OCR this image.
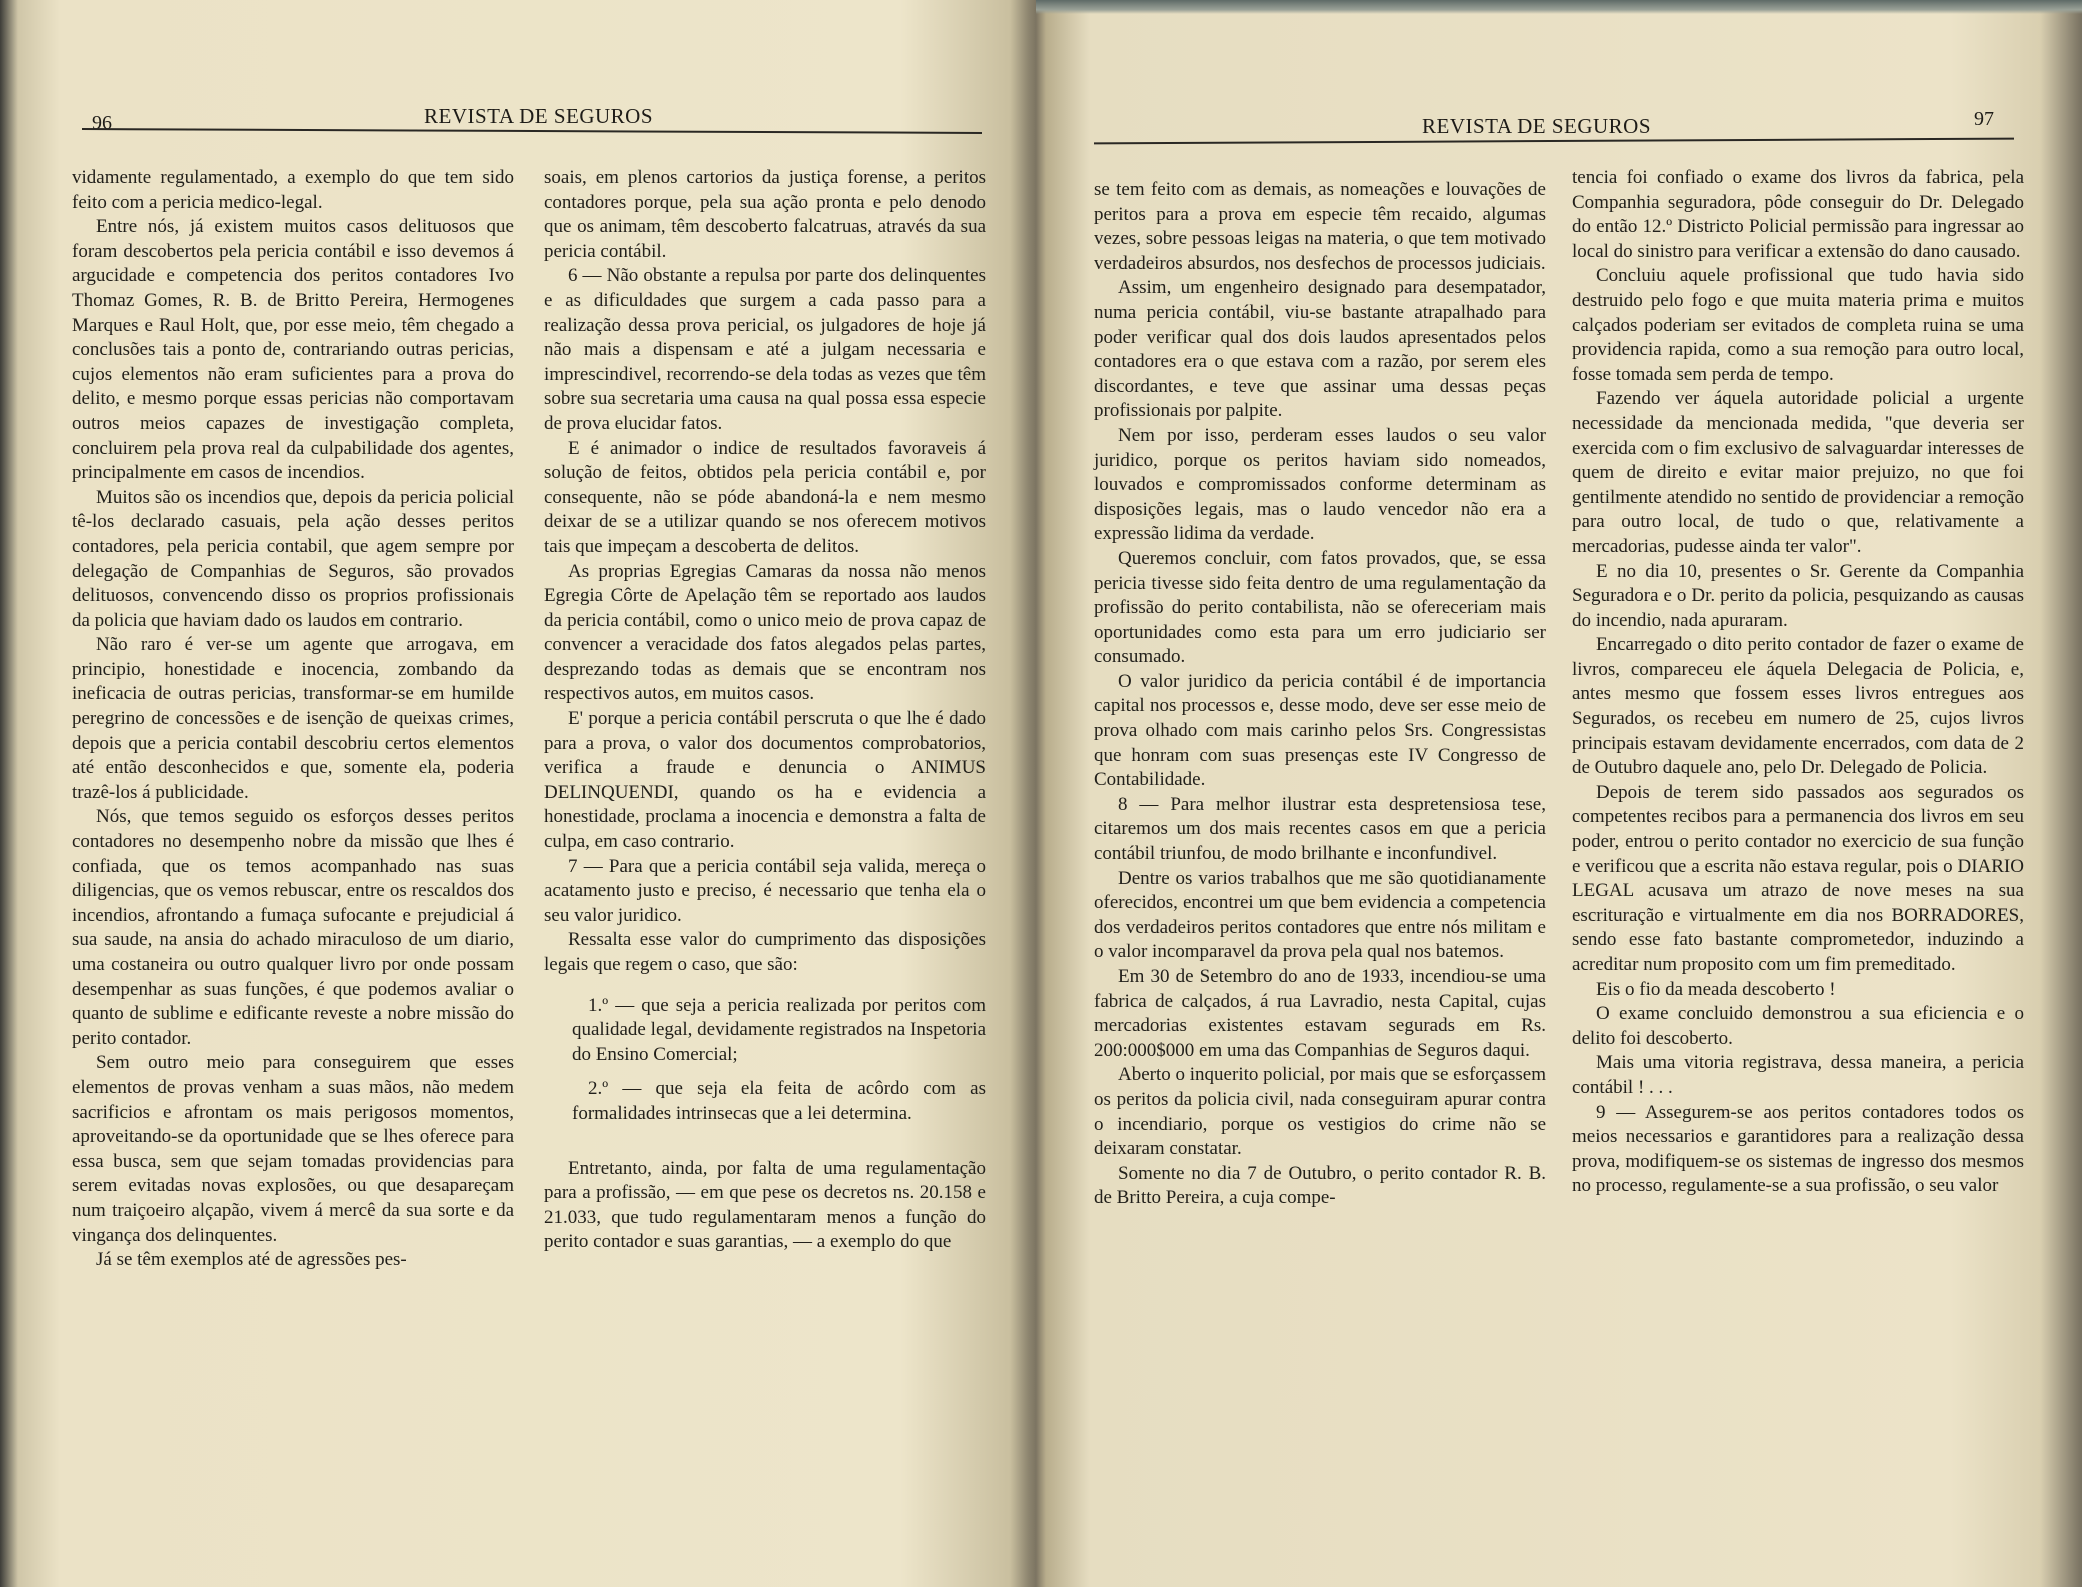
96	REVISTA DE SEGUROS

vidamente regulamentado, a exemplo do que tem sido feito com a pericia medico-legal.

Entre nós, já existem muitos casos delituosos que foram descobertos pela pericia contábil e isso devemos á argucidade e competencia dos peritos contadores Ivo Thomaz Gomes, R. B. de Britto Pereira, Hermogenes Marques e Raul Holt, que, por esse meio, têm chegado a conclusões tais a ponto de, contrariando outras pericias, cujos elementos não eram suficientes para a prova do delito, e mesmo porque essas pericias não comportavam outros meios capazes de investigação completa, concluirem pela prova real da culpabilidade dos agentes, principalmente em casos de incendios.

Muitos são os incendios que, depois da pericia policial tê-los declarado casuais, pela ação desses peritos contadores, pela pericia contabil, que agem sempre por delegação de Companhias de Seguros, são provados delituosos, convencendo disso os proprios profissionais da policia que haviam dado os laudos em contrario.

Não raro é ver-se um agente que arrogava, em principio, honestidade e inocencia, zombando da ineficacia de outras pericias, transformar-se em humilde peregrino de concessões e de isenção de queixas crimes, depois que a pericia contabil descobriu certos elementos até então desconhecidos e que, somente ela, poderia trazê-los á publicidade.

Nós, que temos seguido os esforços desses peritos contadores no desempenho nobre da missão que lhes é confiada, que os temos acompanhado nas suas diligencias, que os vemos rebuscar, entre os rescaldos dos incendios, afrontando a fumaça sufocante e prejudicial á sua saude, na ansia do achado miraculoso de um diario, uma costaneira ou outro qualquer livro por onde possam desempenhar as suas funções, é que podemos avaliar o quanto de sublime e edificante reveste a nobre missão do perito contador.

Sem outro meio para conseguirem que esses elementos de provas venham a suas mãos, não medem sacrificios e afrontam os mais perigosos momentos, aproveitando-se da oportunidade que se lhes oferece para essa busca, sem que sejam tomadas providencias para serem evitadas novas explosões, ou que desapareçam num traiçoeiro alçapão, vivem á mercê da sua sorte e da vingança dos delinquentes.

Já se têm exemplos até de agressões pes-

soais, em plenos cartorios da justiça forense, a peritos contadores porque, pela sua ação pronta e pelo denodo que os animam, têm descoberto falcatruas, através da sua pericia contábil.

6 — Não obstante a repulsa por parte dos delinquentes e as dificuldades que surgem a cada passo para a realização dessa prova pericial, os julgadores de hoje já não mais a dispensam e até a julgam necessaria e imprescindivel, recorrendo-se dela todas as vezes que têm sobre sua secretaria uma causa na qual possa essa especie de prova elucidar fatos.

E é animador o indice de resultados favoraveis á solução de feitos, obtidos pela pericia contábil e, por consequente, não se póde abandoná-la e nem mesmo deixar de se a utilizar quando se nos oferecem motivos tais que impeçam a descoberta de delitos.

As proprias Egregias Camaras da nossa não menos Egregia Côrte de Apelação têm se reportado aos laudos da pericia contábil, como o unico meio de prova capaz de convencer a veracidade dos fatos alegados pelas partes, desprezando todas as demais que se encontram nos respectivos autos, em muitos casos.

E' porque a pericia contábil perscruta o que lhe é dado para a prova, o valor dos documentos comprobatorios, verifica a fraude e denuncia o ANIMUS DELINQUENDI, quando os ha e evidencia a honestidade, proclama a inocencia e demonstra a falta de culpa, em caso contrario.

7 — Para que a pericia contábil seja valida, mereça o acatamento justo e preciso, é necessario que tenha ela o seu valor juridico.

Ressalta esse valor do cumprimento das disposições legais que regem o caso, que são:

1.º — que seja a pericia realizada por peritos com qualidade legal, devidamente registrados na Inspetoria do Ensino Comercial;

2.º — que seja ela feita de acôrdo com as formalidades intrinsecas que a lei determina.

Entretanto, ainda, por falta de uma regulamentação para a profissão, — em que pese os decretos ns. 20.158 e 21.033, que tudo regulamentaram menos a função do perito contador e suas garantias, — a exemplo do que

REVISTA DE SEGUROS	97

se tem feito com as demais, as nomeações e louvações de peritos para a prova em especie têm recaido, algumas vezes, sobre pessoas leigas na materia, o que tem motivado verdadeiros absurdos, nos desfechos de processos judiciais.

Assim, um engenheiro designado para desempatador, numa pericia contábil, viu-se bastante atrapalhado para poder verificar qual dos dois laudos apresentados pelos contadores era o que estava com a razão, por serem eles discordantes, e teve que assinar uma dessas peças profissionais por palpite.

Nem por isso, perderam esses laudos o seu valor juridico, porque os peritos haviam sido nomeados, louvados e compromissados conforme determinam as disposições legais, mas o laudo vencedor não era a expressão lidima da verdade.

Queremos concluir, com fatos provados, que, se essa pericia tivesse sido feita dentro de uma regulamentação da profissão do perito contabilista, não se ofereceriam mais oportunidades como esta para um erro judiciario ser consumado.

O valor juridico da pericia contábil é de importancia capital nos processos e, desse modo, deve ser esse meio de prova olhado com mais carinho pelos Srs. Congressistas que honram com suas presenças este IV Congresso de Contabilidade.

8 — Para melhor ilustrar esta despretensiosa tese, citaremos um dos mais recentes casos em que a pericia contábil triunfou, de modo brilhante e inconfundivel.

Dentre os varios trabalhos que me são quotidianamente oferecidos, encontrei um que bem evidencia a competencia dos verdadeiros peritos contadores que entre nós militam e o valor incomparavel da prova pela qual nos batemos.

Em 30 de Setembro do ano de 1933, incendiou-se uma fabrica de calçados, á rua Lavradio, nesta Capital, cujas mercadorias existentes estavam segurads em Rs. 200:000$000 em uma das Companhias de Seguros daqui.

Aberto o inquerito policial, por mais que se esforçassem os peritos da policia civil, nada conseguiram apurar contra o incendiario, porque os vestigios do crime não se deixaram constatar.

Somente no dia 7 de Outubro, o perito contador R. B. de Britto Pereira, a cuja compe-

tencia foi confiado o exame dos livros da fabrica, pela Companhia seguradora, pôde conseguir do Dr. Delegado do então 12.º Districto Policial permissão para ingressar ao local do sinistro para verificar a extensão do dano causado.

Concluiu aquele profissional que tudo havia sido destruido pelo fogo e que muita materia prima e muitos calçados poderiam ser evitados de completa ruina se uma providencia rapida, como a sua remoção para outro local, fosse tomada sem perda de tempo.

Fazendo ver áquela autoridade policial a urgente necessidade da mencionada medida, "que deveria ser exercida com o fim exclusivo de salvaguardar interesses de quem de direito e evitar maior prejuizo, no que foi gentilmente atendido no sentido de providenciar a remoção para outro local, de tudo o que, relativamente a mercadorias, pudesse ainda ter valor".

E no dia 10, presentes o Sr. Gerente da Companhia Seguradora e o Dr. perito da policia, pesquizando as causas do incendio, nada apuraram.

Encarregado o dito perito contador de fazer o exame de livros, compareceu ele áquela Delegacia de Policia, e, antes mesmo que fossem esses livros entregues aos Segurados, os recebeu em numero de 25, cujos livros principais estavam devidamente encerrados, com data de 2 de Outubro daquele ano, pelo Dr. Delegado de Policia.

Depois de terem sido passados aos segurados os competentes recibos para a permanencia dos livros em seu poder, entrou o perito contador no exercicio de sua função e verificou que a escrita não estava regular, pois o DIARIO LEGAL acusava um atrazo de nove meses na sua escrituração e virtualmente em dia nos BORRADORES, sendo esse fato bastante comprometedor, induzindo a acreditar num proposito com um fim premeditado.

Eis o fio da meada descoberto !

O exame concluido demonstrou a sua eficiencia e o delito foi descoberto.

Mais uma vitoria registrava, dessa maneira, a pericia contábil ! . . .

9 — Assegurem-se aos peritos contadores todos os meios necessarios e garantidores para a realização dessa prova, modifiquem-se os sistemas de ingresso dos mesmos no processo, regulamente-se a sua profissão, o seu valor
